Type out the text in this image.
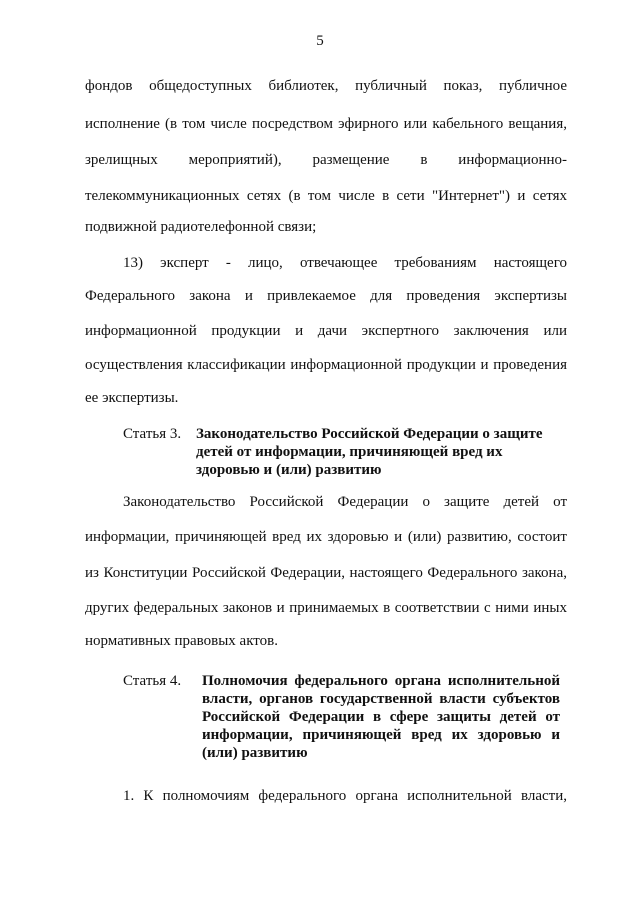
5
фондов общедоступных библиотек, публичный показ, публичное
исполнение (в том числе посредством эфирного или кабельного вещания,
зрелищных мероприятий), размещение в информационно-
телекоммуникационных сетях (в том числе в сети "Интернет") и сетях
подвижной радиотелефонной связи;
13) эксперт - лицо, отвечающее требованиям настоящего
Федерального закона и привлекаемое для проведения экспертизы
информационной продукции и дачи экспертного заключения или
осуществления классификации информационной продукции и проведения
ее экспертизы.
Статья 3. Законодательство Российской Федерации о защите
детей от информации, причиняющей вред их
здоровью и (или) развитию
Законодательство Российской Федерации о защите детей от
информации, причиняющей вред их здоровью и (или) развитию, состоит
из Конституции Российской Федерации, настоящего Федерального закона,
других федеральных законов и принимаемых в соответствии с ними иных
нормативных правовых актов.
Статья 4. Полномочия федерального органа исполнительной
власти, органов государственной власти субъектов
Российской Федерации в сфере защиты детей от
информации, причиняющей вред их здоровью и
(или) развитию
1. К полномочиям федерального органа исполнительной власти,
